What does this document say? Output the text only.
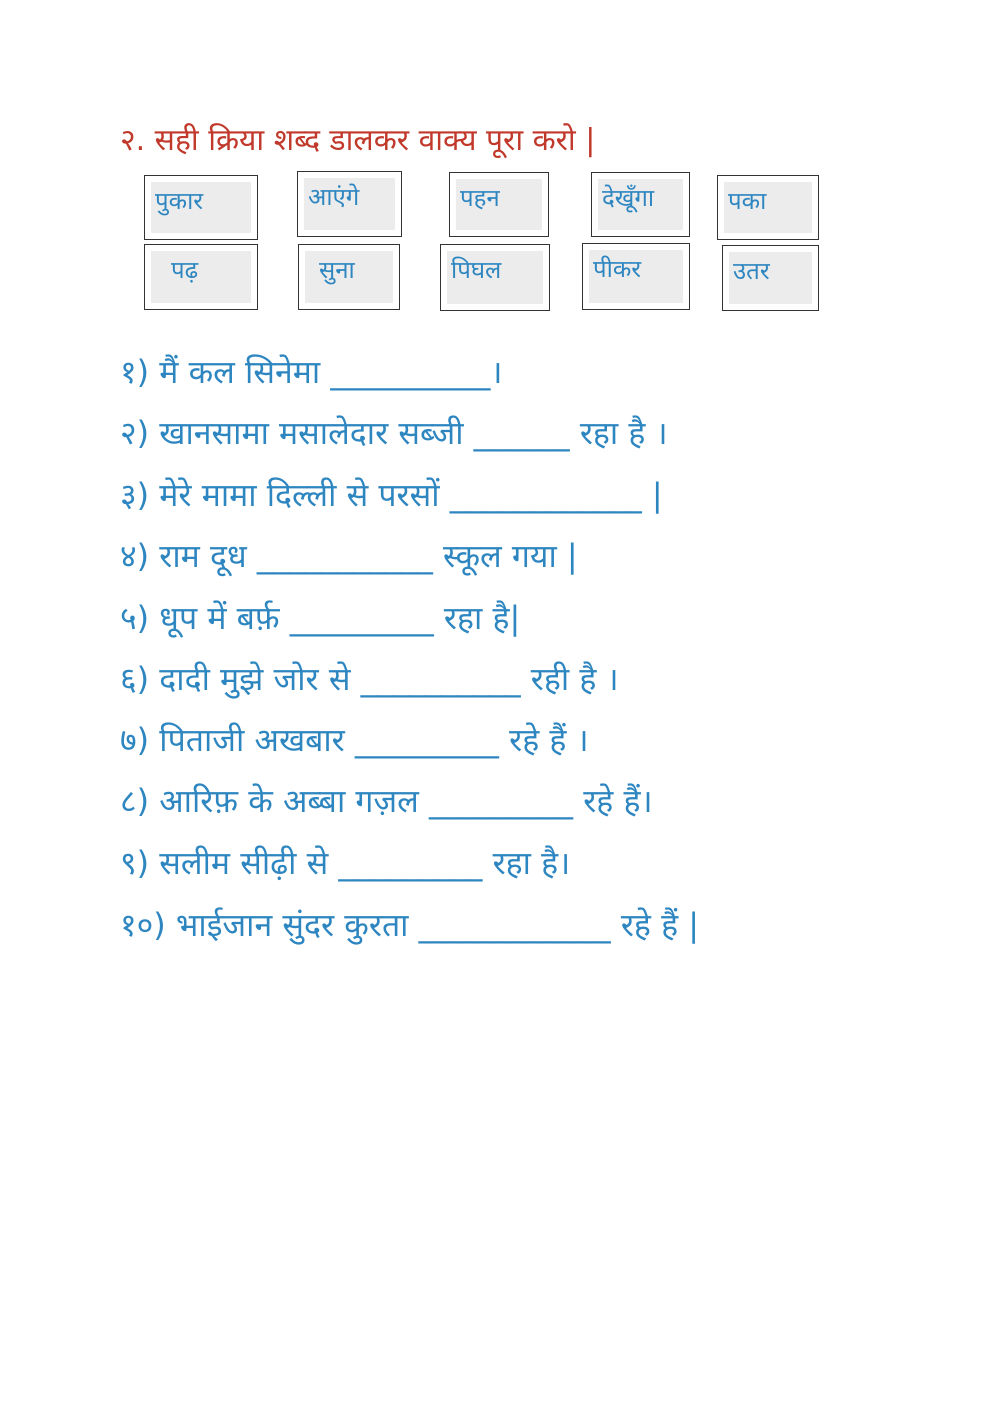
२. सही क्रिया शब्द डालकर वाक्य पूरा करो |
पुकार	आएंगे	पहन	देखूँगा	पका
पढ़	सुना	पिघल	पीकर	उतर
१) मैं कल सिनेमा __________।
२) खानसामा मसालेदार सब्जी ______ रहा है ।
३) मेरे मामा दिल्ली से परसों ____________ |
४) राम दूध ___________ स्कूल गया |
५) धूप में बर्फ़ _________ रहा है|
६) दादी मुझे जोर से __________ रही है ।
७) पिताजी अखबार _________ रहे हैं ।
८) आरिफ़ के अब्बा गज़ल _________ रहे हैं।
९) सलीम सीढ़ी से _________ रहा है।
१०) भाईजान सुंदर कुरता ____________ रहे हैं |
